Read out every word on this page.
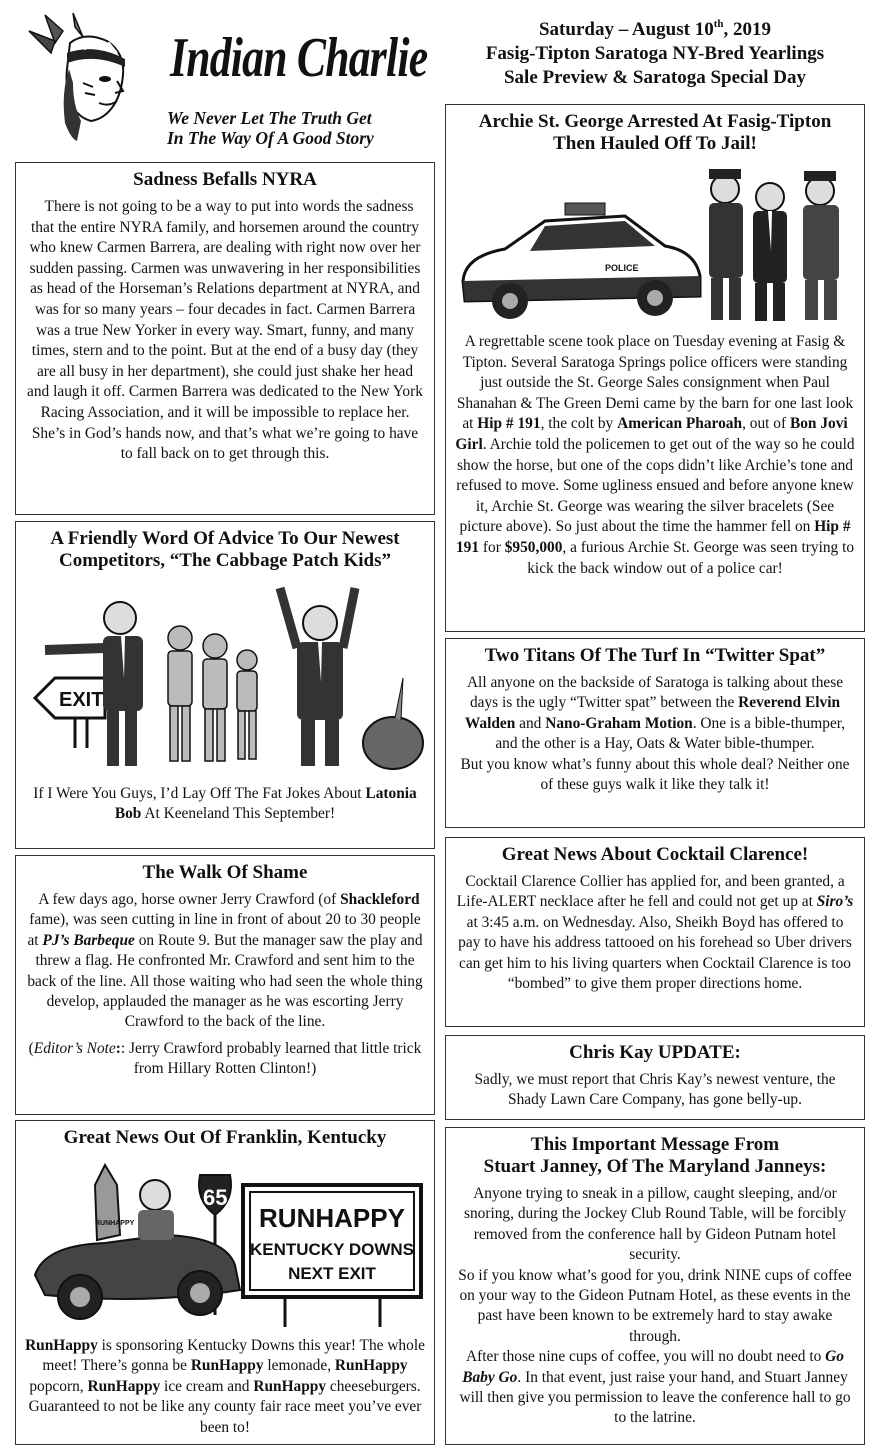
Indian Charlie
We Never Let The Truth Get
In The Way Of A Good Story
Saturday – August 10th, 2019
Fasig-Tipton Saratoga NY-Bred Yearlings
Sale Preview & Saratoga Special Day
Sadness Befalls NYRA

There is not going to be a way to put into words the sadness that the entire NYRA family, and horsemen around the country who knew Carmen Barrera, are dealing with right now over her sudden passing. Carmen was unwavering in her responsibilities as head of the Horseman’s Relations department at NYRA, and was for so many years – four decades in fact. Carmen Barrera was a true New Yorker in every way. Smart, funny, and many times, stern and to the point. But at the end of a busy day (they are all busy in her department), she could just shake her head and laugh it off. Carmen Barrera was dedicated to the New York Racing Association, and it will be impossible to replace her. She’s in God’s hands now, and that’s what we’re going to have to fall back on to get through this.

A Friendly Word Of Advice To Our Newest
Competitors, “The Cabbage Patch Kids”
EXIT

If I Were You Guys, I’d Lay Off The Fat Jokes About Latonia Bob At Keeneland This September!

The Walk Of Shame

A few days ago, horse owner Jerry Crawford (of Shackleford fame), was seen cutting in line in front of about 20 to 30 people at PJ’s Barbeque on Route 9. But the manager saw the play and threw a flag. He confronted Mr. Crawford and sent him to the back of the line. All those waiting who had seen the whole thing develop, applauded the manager as he was escorting Jerry Crawford to the back of the line.

(Editor’s Note:: Jerry Crawford probably learned that little trick from Hillary Rotten Clinton!)

Great News Out Of Franklin, Kentucky
65
RUNHAPPY
KENTUCKY DOWNS
NEXT EXIT
RUNHAPPY

RunHappy is sponsoring Kentucky Downs this year! The whole meet! There’s gonna be RunHappy lemonade, RunHappy popcorn, RunHappy ice cream and RunHappy cheeseburgers. Guaranteed to not be like any county fair race meet you’ve ever been to!

Archie St. George Arrested At Fasig-Tipton
Then Hauled Off To Jail!
POLICE

A regrettable scene took place on Tuesday evening at Fasig & Tipton. Several Saratoga Springs police officers were standing just outside the St. George Sales consignment when Paul Shanahan & The Green Demi came by the barn for one last look at Hip # 191, the colt by American Pharoah, out of Bon Jovi Girl. Archie told the policemen to get out of the way so he could show the horse, but one of the cops didn’t like Archie’s tone and refused to move. Some ugliness ensued and before anyone knew it, Archie St. George was wearing the silver bracelets (See picture above). So just about the time the hammer fell on Hip # 191 for $950,000, a furious Archie St. George was seen trying to kick the back window out of a police car!

Two Titans Of The Turf In “Twitter Spat”

All anyone on the backside of Saratoga is talking about these days is the ugly “Twitter spat” between the Reverend Elvin Walden and Nano-Graham Motion. One is a bible-thumper, and the other is a Hay, Oats & Water bible-thumper.

But you know what’s funny about this whole deal? Neither one of these guys walk it like they talk it!

Great News About Cocktail Clarence!

Cocktail Clarence Collier has applied for, and been granted, a Life-ALERT necklace after he fell and could not get up at Siro’s at 3:45 a.m. on Wednesday. Also, Sheikh Boyd has offered to pay to have his address tattooed on his forehead so Uber drivers can get him to his living quarters when Cocktail Clarence is too “bombed” to give them proper directions home.

Chris Kay UPDATE:

Sadly, we must report that Chris Kay’s newest venture, the Shady Lawn Care Company, has gone belly-up.

This Important Message From
Stuart Janney, Of The Maryland Janneys:

Anyone trying to sneak in a pillow, caught sleeping, and/or snoring, during the Jockey Club Round Table, will be forcibly removed from the conference hall by Gideon Putnam hotel security.

So if you know what’s good for you, drink NINE cups of coffee on your way to the Gideon Putnam Hotel, as these events in the past have been known to be extremely hard to stay awake through.

After those nine cups of coffee, you will no doubt need to Go Baby Go. In that event, just raise your hand, and Stuart Janney will then give you permission to leave the conference hall to go to the latrine.
